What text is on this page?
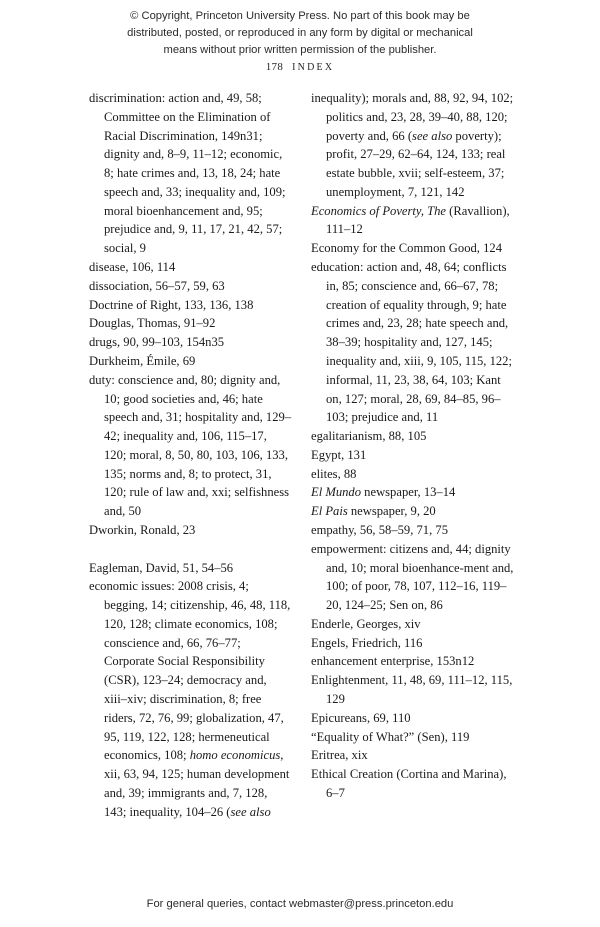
© Copyright, Princeton University Press. No part of this book may be
distributed, posted, or reproduced in any form by digital or mechanical
means without prior written permission of the publisher.
178 INDEX

discrimination: action and, 49, 58; Committee on the Elimination of Racial Discrimination, 149n31; dignity and, 8–9, 11–12; economic, 8; hate crimes and, 13, 18, 24; hate speech and, 33; inequality and, 109; moral bioenhancement and, 95; prejudice and, 9, 11, 17, 21, 42, 57; social, 9

disease, 106, 114

dissociation, 56–57, 59, 63

Doctrine of Right, 133, 136, 138

Douglas, Thomas, 91–92

drugs, 90, 99–103, 154n35

Durkheim, Émile, 69

duty: conscience and, 80; dignity and, 10; good societies and, 46; hate speech and, 31; hospitality and, 129–42; inequality and, 106, 115–17, 120; moral, 8, 50, 80, 103, 106, 133, 135; norms and, 8; to protect, 31, 120; rule of law and, xxi; selfishness and, 50

Dworkin, Ronald, 23

Eagleman, David, 51, 54–56

economic issues: 2008 crisis, 4; begging, 14; citizenship, 46, 48, 118, 120, 128; climate economics, 108; conscience and, 66, 76–77; Corporate Social Responsibility (CSR), 123–24; democracy and, xiii–xiv; discrimination, 8; free riders, 72, 76, 99; globalization, 47, 95, 119, 122, 128; hermeneutical economics, 108; homo economicus, xii, 63, 94, 125; human development and, 39; immigrants and, 7, 128, 143; inequality, 104–26 (see also

inequality); morals and, 88, 92, 94, 102; politics and, 23, 28, 39–40, 88, 120; poverty and, 66 (see also poverty); profit, 27–29, 62–64, 124, 133; real estate bubble, xvii; self-esteem, 37; unemployment, 7, 121, 142

Economics of Poverty, The (Ravallion), 111–12

Economy for the Common Good, 124

education: action and, 48, 64; conflicts in, 85; conscience and, 66–67, 78; creation of equality through, 9; hate crimes and, 23, 28; hate speech and, 38–39; hospitality and, 127, 145; inequality and, xiii, 9, 105, 115, 122; informal, 11, 23, 38, 64, 103; Kant on, 127; moral, 28, 69, 84–85, 96–103; prejudice and, 11

egalitarianism, 88, 105

Egypt, 131

elites, 88

El Mundo newspaper, 13–14

El Pais newspaper, 9, 20

empathy, 56, 58–59, 71, 75

empowerment: citizens and, 44; dignity and, 10; moral bioenhance‑ment and, 100; of poor, 78, 107, 112–16, 119–20, 124–25; Sen on, 86

Enderle, Georges, xiv

Engels, Friedrich, 116

enhancement enterprise, 153n12

Enlightenment, 11, 48, 69, 111–12, 115, 129

Epicureans, 69, 110

“Equality of What?” (Sen), 119

Eritrea, xix

Ethical Creation (Cortina and Marina), 6–7

For general queries, contact webmaster@press.princeton.edu
